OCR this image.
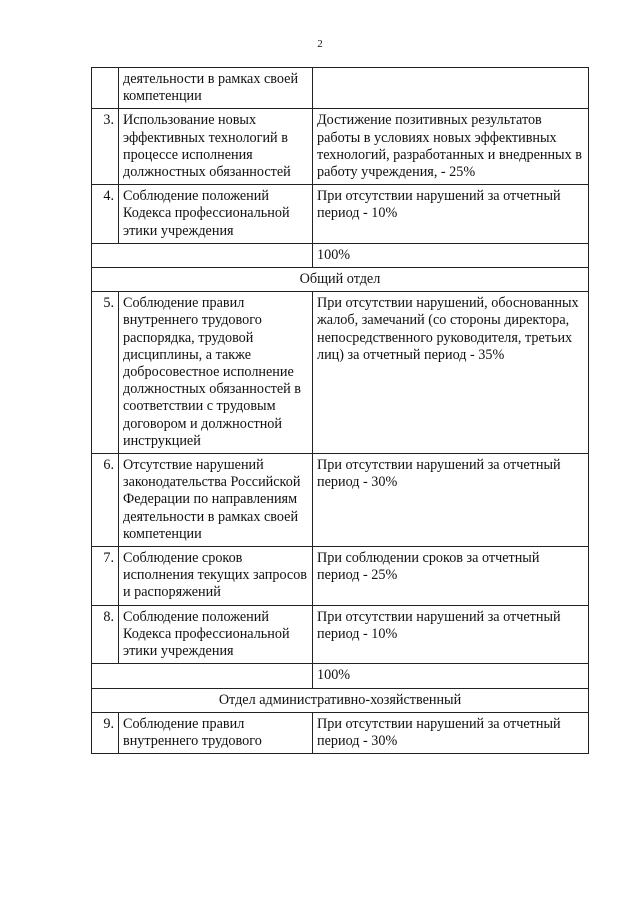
2
	деятельности в рамках своей компетенции	
3.	Использование новых эффективных технологий в процессе исполнения должностных обязанностей	Достижение позитивных результатов работы в условиях новых эффективных технологий, разработанных и внедренных в работу учреждения, - 25%
4.	Соблюдение положений Кодекса профессиональной этики учреждения	При отсутствии нарушений за отчетный период - 10%
		100%
Общий отдел		
5.	Соблюдение правил внутреннего трудового распорядка, трудовой дисциплины, а также добросовестное исполнение должностных обязанностей в соответствии с трудовым договором и должностной инструкцией	При отсутствии нарушений, обоснованных жалоб, замечаний (со стороны директора, непосредственного руководителя, третьих лиц) за отчетный период - 35%
6.	Отсутствие нарушений законодательства Российской Федерации по направлениям деятельности в рамках своей компетенции	При отсутствии нарушений за отчетный период - 30%
7.	Соблюдение сроков исполнения текущих запросов и распоряжений	При соблюдении сроков за отчетный период - 25%
8.	Соблюдение положений Кодекса профессиональной этики учреждения	При отсутствии нарушений за отчетный период - 10%
		100%
Отдел административно-хозяйственный		
9.	Соблюдение правил внутреннего трудового	При отсутствии нарушений за отчетный период - 30%
